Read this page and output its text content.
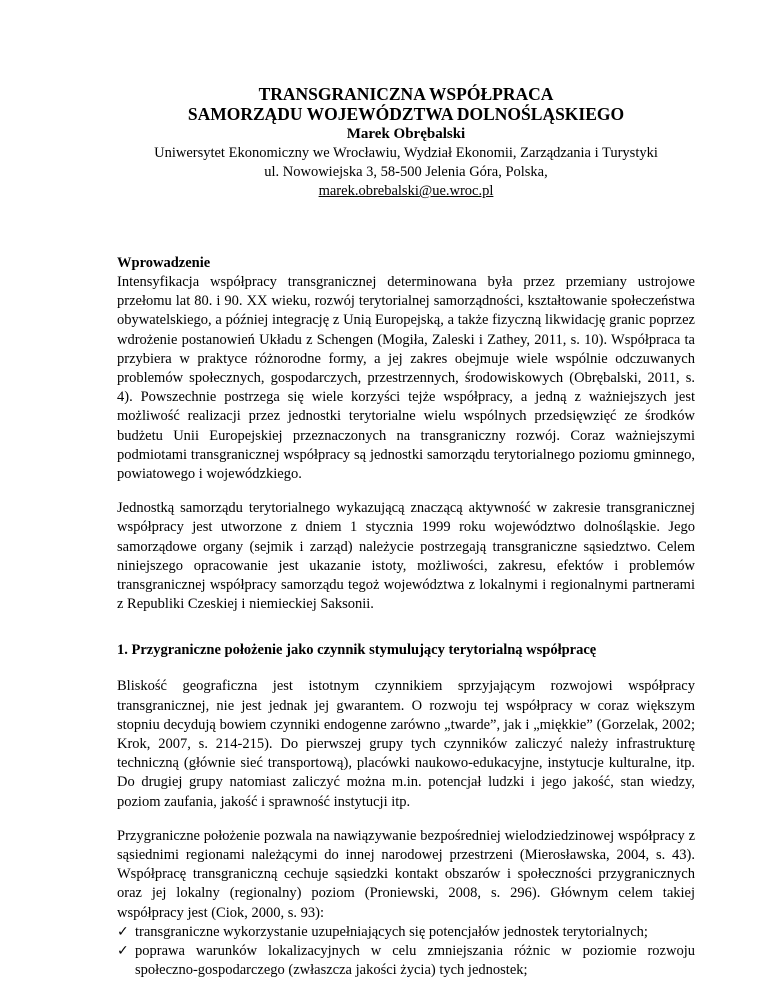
TRANSGRANICZNA WSPÓŁPRACA
SAMORZĄDU WOJEWÓDZTWA DOLNOŚLĄSKIEGO
Marek Obrębalski
Uniwersytet Ekonomiczny we Wrocławiu, Wydział Ekonomii, Zarządzania i Turystyki
ul. Nowowiejska 3, 58-500 Jelenia Góra, Polska,
marek.obrebalski@ue.wroc.pl
Wprowadzenie

Intensyfikacja współpracy transgranicznej determinowana była przez przemiany ustrojowe przełomu lat 80. i 90. XX wieku, rozwój terytorialnej samorządności, kształtowanie społeczeństwa obywatelskiego, a później integrację z Unią Europejską, a także fizyczną likwidację granic poprzez wdrożenie postanowień Układu z Schengen (Mogiła, Zaleski i Zathey, 2011, s. 10). Współpraca ta przybiera w praktyce różnorodne formy, a jej zakres obejmuje wiele wspólnie odczuwanych problemów społecznych, gospodarczych, przestrzennych, środowiskowych (Obrębalski, 2011, s. 4). Powszechnie postrzega się wiele korzyści tejże współpracy, a jedną z ważniejszych jest możliwość realizacji przez jednostki terytorialne wielu wspólnych przedsięwzięć ze środków budżetu Unii Europejskiej przeznaczonych na transgraniczny rozwój. Coraz ważniejszymi podmiotami transgranicznej współpracy są jednostki samorządu terytorialnego poziomu gminnego, powiatowego i wojewódzkiego.

Jednostką samorządu terytorialnego wykazującą znaczącą aktywność w zakresie transgranicznej współpracy jest utworzone z dniem 1 stycznia 1999 roku województwo dolnośląskie. Jego samorządowe organy (sejmik i zarząd) należycie postrzegają transgraniczne sąsiedztwo. Celem niniejszego opracowanie jest ukazanie istoty, możliwości, zakresu, efektów i problemów transgranicznej współpracy samorządu tegoż województwa z lokalnymi i regionalnymi partnerami z Republiki Czeskiej i niemieckiej Saksonii.

1. Przygraniczne położenie jako czynnik stymulujący terytorialną współpracę

Bliskość geograficzna jest istotnym czynnikiem sprzyjającym rozwojowi współpracy transgranicznej, nie jest jednak jej gwarantem. O rozwoju tej współpracy w coraz większym stopniu decydują bowiem czynniki endogenne zarówno „twarde”, jak i „miękkie” (Gorzelak, 2002; Krok, 2007, s. 214-215). Do pierwszej grupy tych czynników zaliczyć należy infrastrukturę techniczną (głównie sieć transportową), placówki naukowo-edukacyjne, instytucje kulturalne, itp. Do drugiej grupy natomiast zaliczyć można m.in. potencjał ludzki i jego jakość, stan wiedzy, poziom zaufania, jakość i sprawność instytucji itp.

Przygraniczne położenie pozwala na nawiązywanie bezpośredniej wielodziedzinowej współpracy z sąsiednimi regionami należącymi do innej narodowej przestrzeni (Mierosławska, 2004, s. 43). Współpracę transgraniczną cechuje sąsiedzki kontakt obszarów i społeczności przygranicznych oraz jej lokalny (regionalny) poziom (Proniewski, 2008, s. 296). Głównym celem takiej współpracy jest (Ciok, 2000, s. 93):

✓ transgraniczne wykorzystanie uzupełniających się potencjałów jednostek terytorialnych;
✓ poprawa warunków lokalizacyjnych w celu zmniejszania różnic w poziomie rozwoju społeczno-gospodarczego (zwłaszcza jakości życia) tych jednostek;
